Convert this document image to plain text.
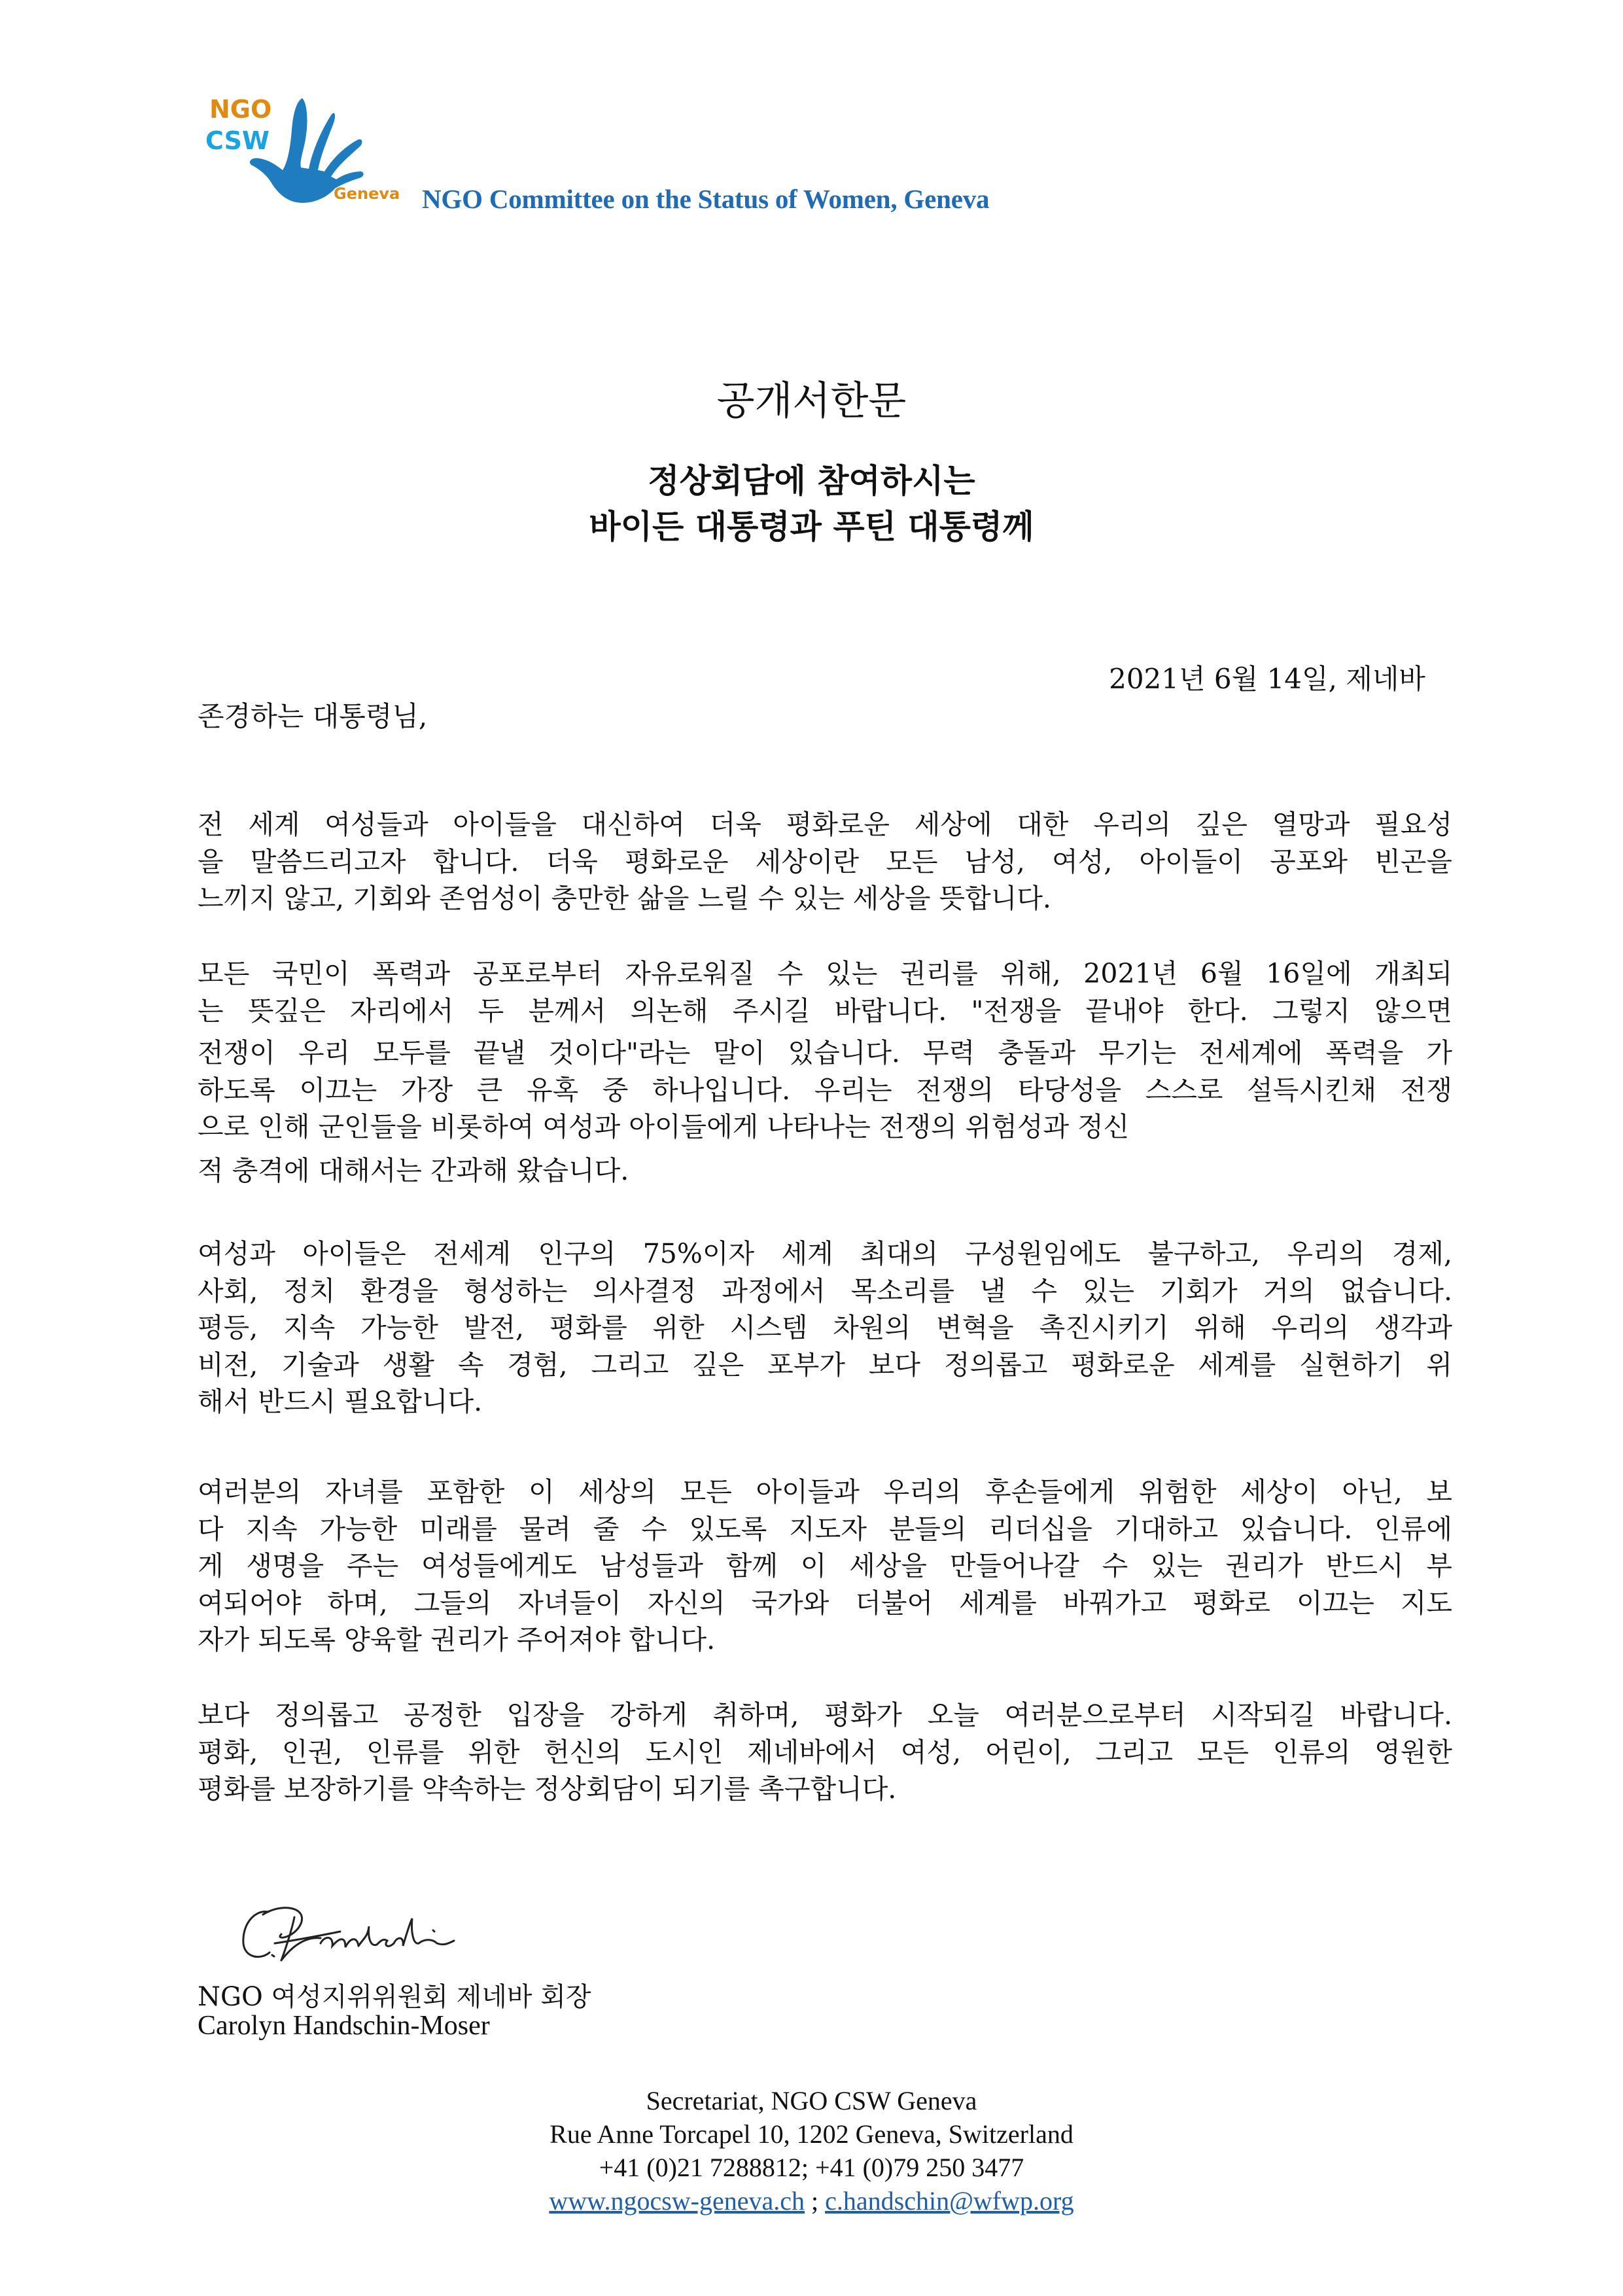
NGO
CSW
Geneva NGO Committee on the Status of Women, Geneva
공개서한문
정상회담에 참여하시는
바이든 대통령과 푸틴 대통령께
2021년 6월 14일, 제네바
존경하는 대통령님,
전 세계 여성들과 아이들을 대신하여 더욱 평화로운 세상에 대한 우리의 깊은 열망과 필요성
을 말씀드리고자 합니다. 더욱 평화로운 세상이란 모든 남성, 여성, 아이들이 공포와 빈곤을
느끼지 않고, 기회와 존엄성이 충만한 삶을 느릴 수 있는 세상을 뜻합니다.
모든 국민이 폭력과 공포로부터 자유로워질 수 있는 권리를 위해, 2021년 6월 16일에 개최되
는 뜻깊은 자리에서 두 분께서 의논해 주시길 바랍니다. "전쟁을 끝내야 한다. 그렇지 않으면
전쟁이 우리 모두를 끝낼 것이다"라는 말이 있습니다. 무력 충돌과 무기는 전세계에 폭력을 가
하도록 이끄는 가장 큰 유혹 중 하나입니다. 우리는 전쟁의 타당성을 스스로 설득시킨채 전쟁
으로 인해 군인들을 비롯하여 여성과 아이들에게 나타나는 전쟁의 위험성과 정신
적 충격에 대해서는 간과해 왔습니다.
여성과 아이들은 전세계 인구의 75%이자 세계 최대의 구성원임에도 불구하고, 우리의 경제,
사회, 정치 환경을 형성하는 의사결정 과정에서 목소리를 낼 수 있는 기회가 거의 없습니다.
평등, 지속 가능한 발전, 평화를 위한 시스템 차원의 변혁을 촉진시키기 위해 우리의 생각과
비전, 기술과 생활 속 경험, 그리고 깊은 포부가 보다 정의롭고 평화로운 세계를 실현하기 위
해서 반드시 필요합니다.
여러분의 자녀를 포함한 이 세상의 모든 아이들과 우리의 후손들에게 위험한 세상이 아닌, 보
다 지속 가능한 미래를 물려 줄 수 있도록 지도자 분들의 리더십을 기대하고 있습니다. 인류에
게 생명을 주는 여성들에게도 남성들과 함께 이 세상을 만들어나갈 수 있는 권리가 반드시 부
여되어야 하며, 그들의 자녀들이 자신의 국가와 더불어 세계를 바꿔가고 평화로 이끄는 지도
자가 되도록 양육할 권리가 주어져야 합니다.
보다 정의롭고 공정한 입장을 강하게 취하며, 평화가 오늘 여러분으로부터 시작되길 바랍니다.
평화, 인권, 인류를 위한 헌신의 도시인 제네바에서 여성, 어린이, 그리고 모든 인류의 영원한
평화를 보장하기를 약속하는 정상회담이 되기를 촉구합니다.
NGO 여성지위위원회 제네바 회장
Carolyn Handschin-Moser
Secretariat, NGO CSW Geneva
Rue Anne Torcapel 10, 1202 Geneva, Switzerland
+41 (0)21 7288812; +41 (0)79 250 3477
www.ngocsw-geneva.ch ; c.handschin@wfwp.org
